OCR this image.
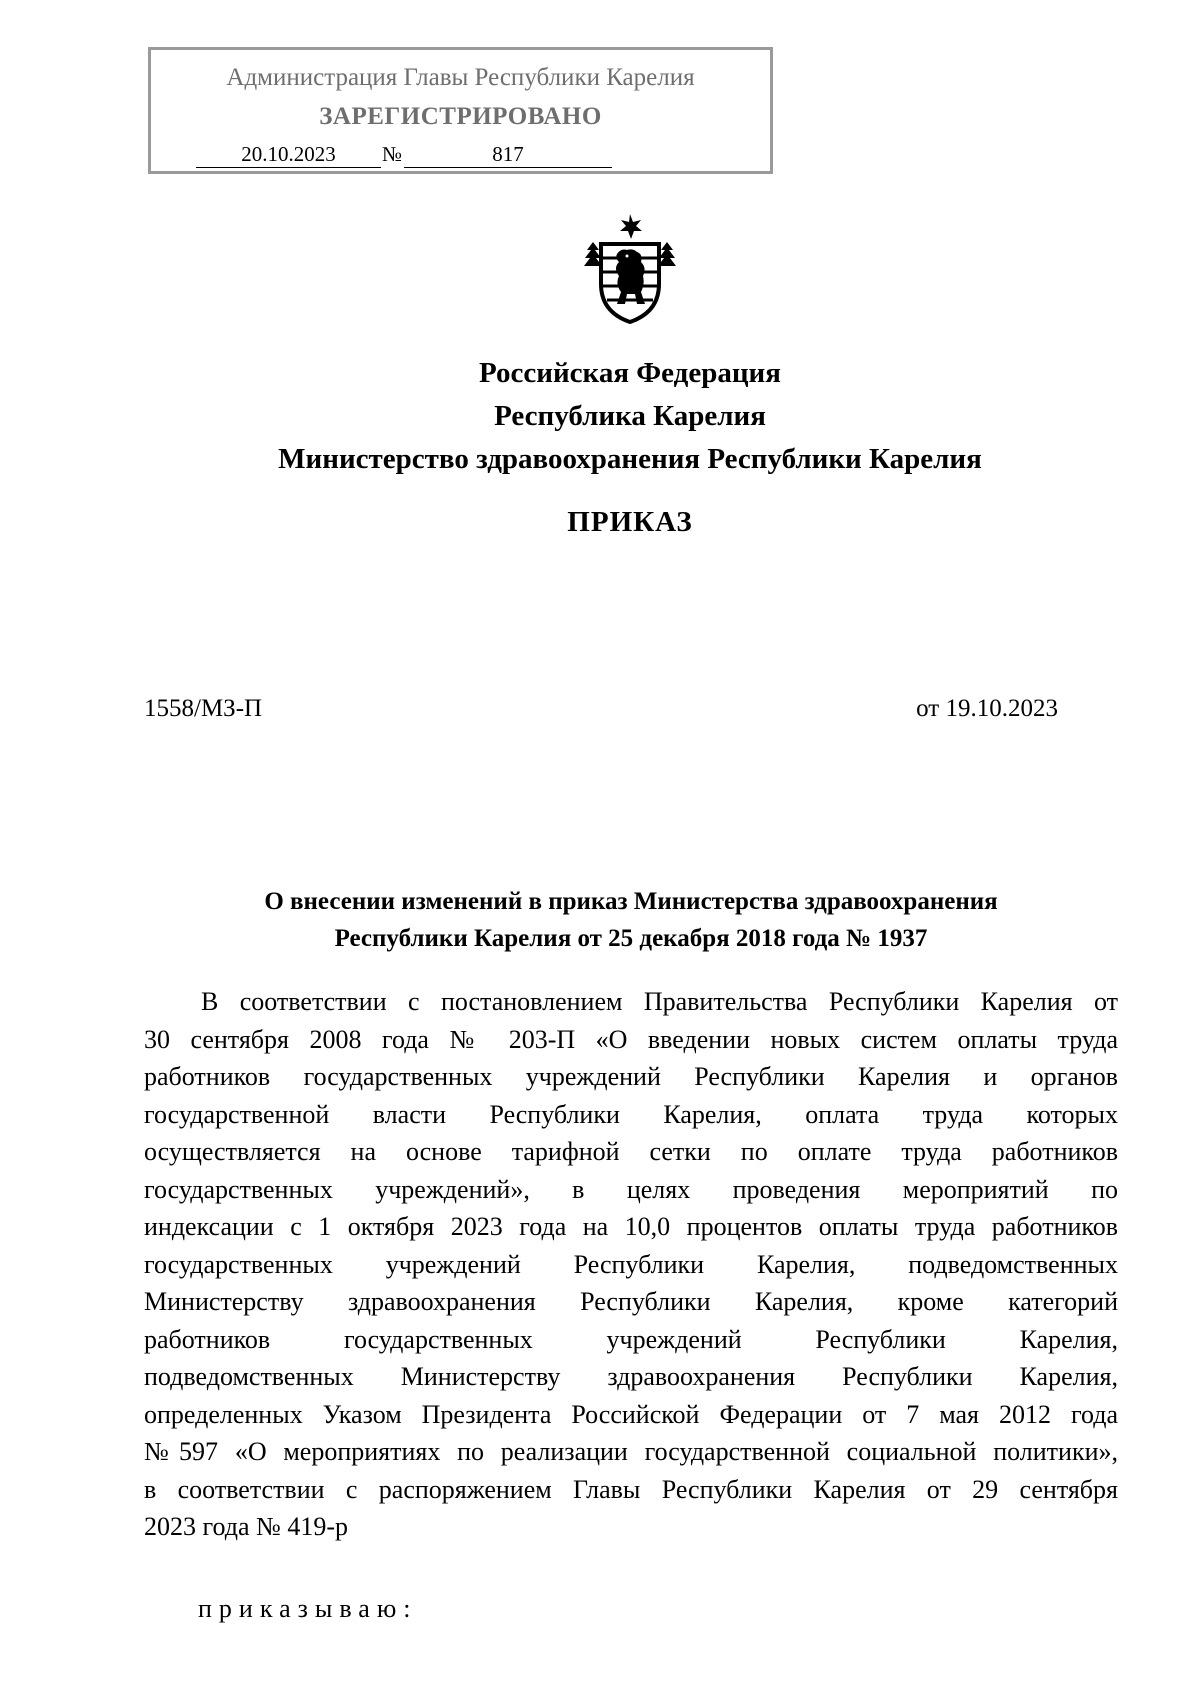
Администрация Главы Республики Карелия
ЗАРЕГИСТРИРОВАНО
20.10.2023	№	817
Российская Федерация
Республика Карелия
Министерство здравоохранения Республики Карелия
ПРИКАЗ
1558/МЗ-П	от 19.10.2023
О внесении изменений в приказ Министерства здравоохранения
Республики Карелия от 25 декабря 2018 года № 1937
В соответствии с постановлением Правительства Республики Карелия от
30 сентября 2008 года № 203-П «О введении новых систем оплаты труда
работников государственных учреждений Республики Карелия и органов
государственной власти Республики Карелия, оплата труда которых
осуществляется на основе тарифной сетки по оплате труда работников
государственных учреждений», в целях проведения мероприятий по
индексации с 1 октября 2023 года на 10,0 процентов оплаты труда работников
государственных учреждений Республики Карелия, подведомственных
Министерству здравоохранения Республики Карелия, кроме категорий
работников государственных учреждений Республики Карелия,
подведомственных Министерству здравоохранения Республики Карелия,
определенных Указом Президента Российской Федерации от 7 мая 2012 года
№597 «О мероприятиях по реализации государственной социальной политики»,
в соответствии с распоряжением Главы Республики Карелия от 29 сентября
2023 года № 419-р
приказываю:
